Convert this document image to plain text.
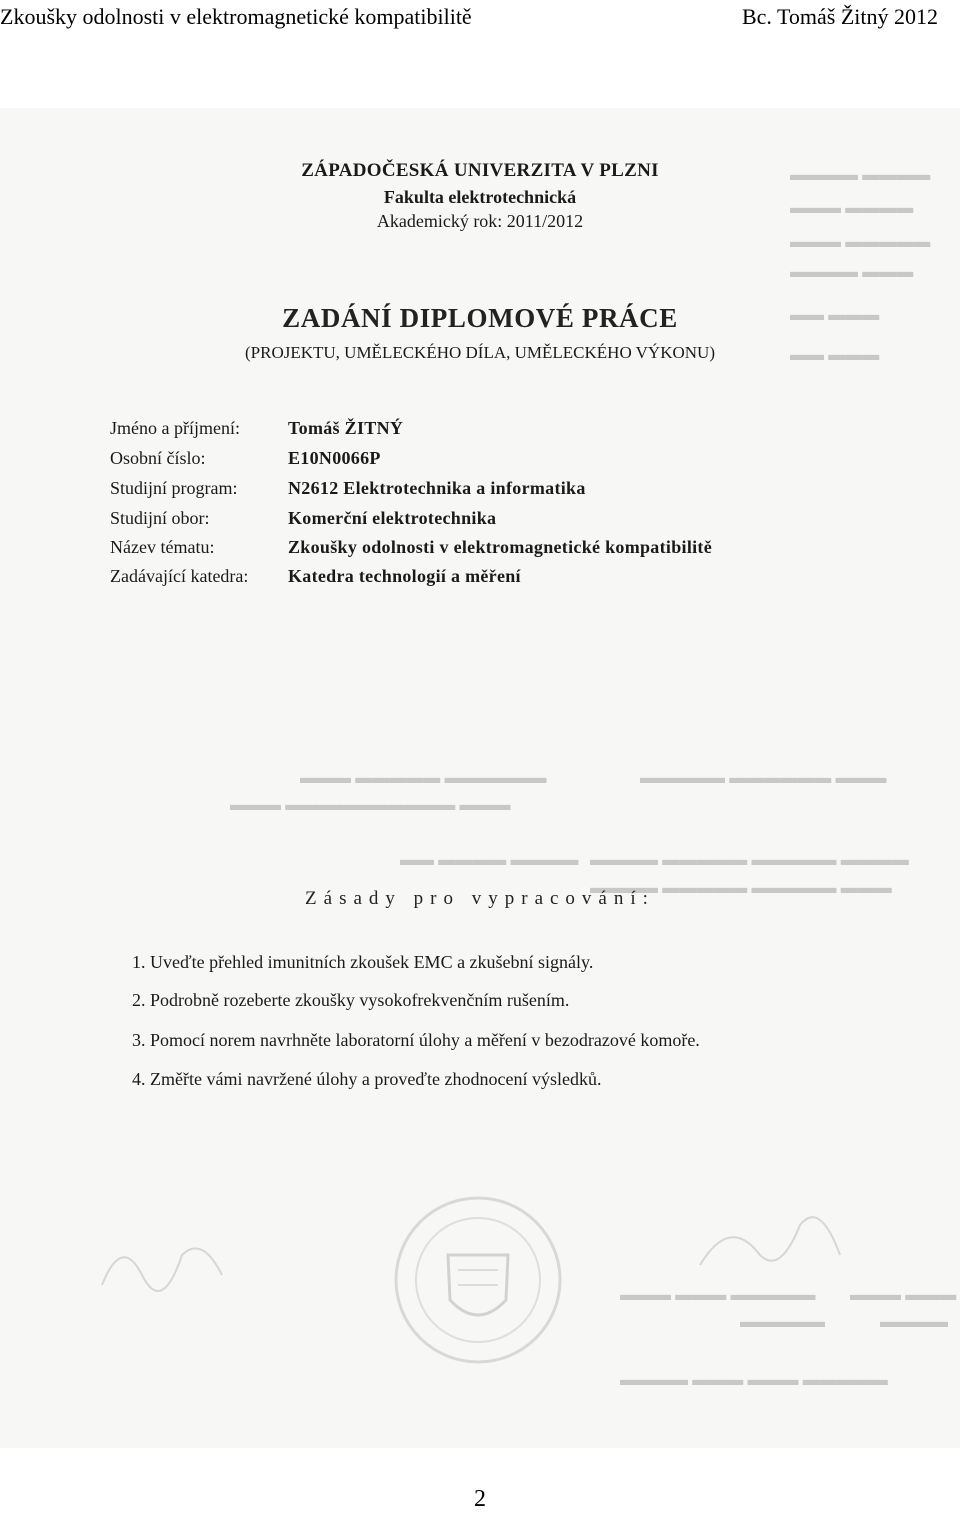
Zkoušky odolnosti v elektromagnetické kompatibilitě	Bc. Tomáš Žitný 2012
▬▬▬▬ ▬▬▬▬
▬▬▬ ▬▬▬▬
▬▬▬ ▬▬▬▬▬
▬▬▬▬ ▬▬▬
▬▬ ▬▬▬
▬▬ ▬▬▬
▬▬▬ ▬▬▬▬▬ ▬▬▬▬▬▬	▬▬▬▬▬ ▬▬▬▬▬▬ ▬▬▬
▬▬▬ ▬▬▬▬▬▬▬▬▬▬ ▬▬▬
▬▬ ▬▬▬▬ ▬▬▬▬ ▬▬▬▬ ▬▬▬▬▬ ▬▬▬▬▬ ▬▬▬▬
▬▬▬▬ ▬▬▬▬▬ ▬▬▬▬▬ ▬▬▬
▬▬▬ ▬▬▬ ▬▬▬▬▬ ▬▬▬ ▬▬▬
▬▬▬▬▬	▬▬▬▬
▬▬▬▬ ▬▬▬ ▬▬▬ ▬▬▬▬▬
ZÁPADOČESKÁ UNIVERZITA V PLZNI
Fakulta elektrotechnická
Akademický rok: 2011/2012
ZADÁNÍ DIPLOMOVÉ PRÁCE
(PROJEKTU, UMĚLECKÉHO DÍLA, UMĚLECKÉHO VÝKONU)
Jméno a příjmení:	Tomáš ŽITNÝ
Osobní číslo:	E10N0066P
Studijní program:	N2612 Elektrotechnika a informatika
Studijní obor:	Komerční elektrotechnika
Název tématu:	Zkoušky odolnosti v elektromagnetické kompatibilitě
Zadávající katedra: Katedra technologií a měření
Zásady pro vypracování:
1. Uveďte přehled imunitních zkoušek EMC a zkušební signály.
2. Podrobně rozeberte zkoušky vysokofrekvenčním rušením.
3. Pomocí norem navrhněte laboratorní úlohy a měření v bezodrazové komoře.
4. Změřte vámi navržené úlohy a proveďte zhodnocení výsledků.
2
